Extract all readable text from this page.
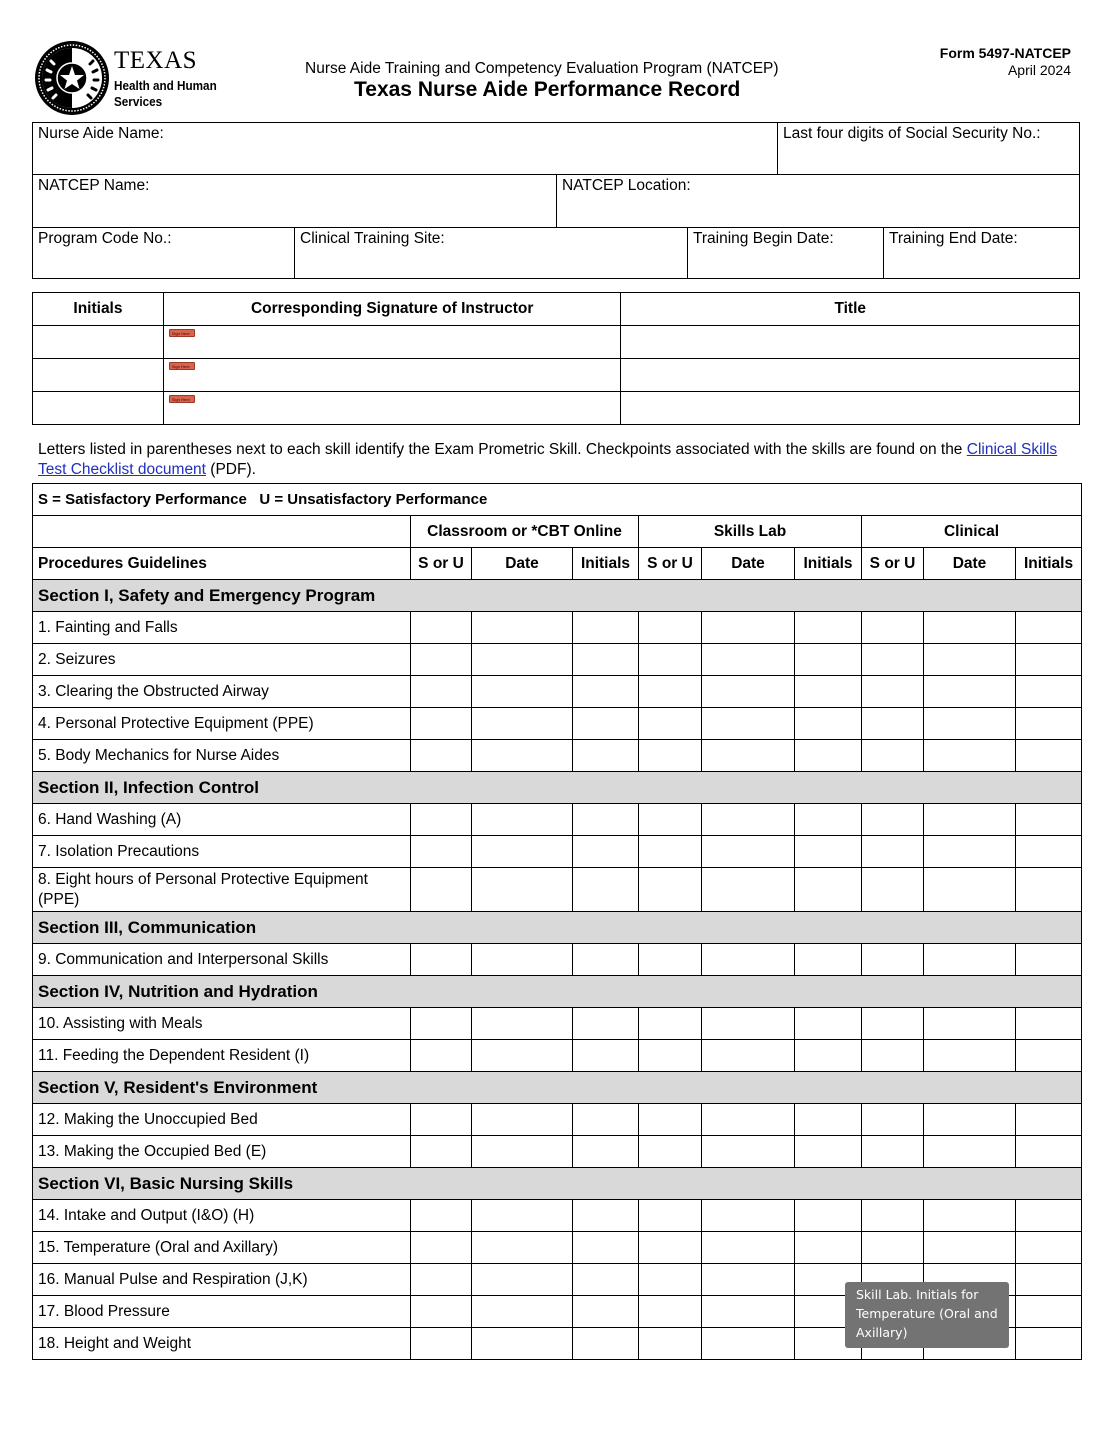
TEXAS
Health and Human
Services
Nurse Aide Training and Competency Evaluation Program (NATCEP)
Texas Nurse Aide Performance Record
Form 5497-NATCEP
April 2024
Nurse Aide Name:	Last four digits of Social Security No.:
NATCEP Name:	NATCEP Location:
Program Code No.:	Clinical Training Site:	Training Begin Date:	Training End Date:
Initials	Corresponding Signature of Instructor	Title

	Sign Here	

	Sign Here	

	Sign Here	

Letters listed in parentheses next to each skill identify the Exam Prometric Skill. Checkpoints associated with the skills are found on the Clinical Skills Test Checklist document (PDF).
S = Satisfactory Performance   U = Unsatisfactory Performance									
	Classroom or *CBT Online			Skills Lab			Clinical		
Procedures Guidelines	S or U	Date	Initials	S or U	Date	Initials	S or U	Date	Initials
Section I, Safety and Emergency Program									
1. Fainting and Falls									
2. Seizures									
3. Clearing the Obstructed Airway									
4. Personal Protective Equipment (PPE)									
5. Body Mechanics for Nurse Aides									
Section II, Infection Control									
6. Hand Washing (A)									
7. Isolation Precautions									
8. Eight hours of Personal Protective Equipment (PPE)									
Section III, Communication									
9. Communication and Interpersonal Skills									
Section IV, Nutrition and Hydration									
10. Assisting with Meals									
11. Feeding the Dependent Resident (I)									
Section V, Resident's Environment									
12. Making the Unoccupied Bed									
13. Making the Occupied Bed (E)									
Section VI, Basic Nursing Skills									
14. Intake and Output (I&O) (H)									
15. Temperature (Oral and Axillary)									
16. Manual Pulse and Respiration (J,K)									
17. Blood Pressure									
18. Height and Weight									
Skill Lab. Initials for Temperature (Oral and Axillary)
